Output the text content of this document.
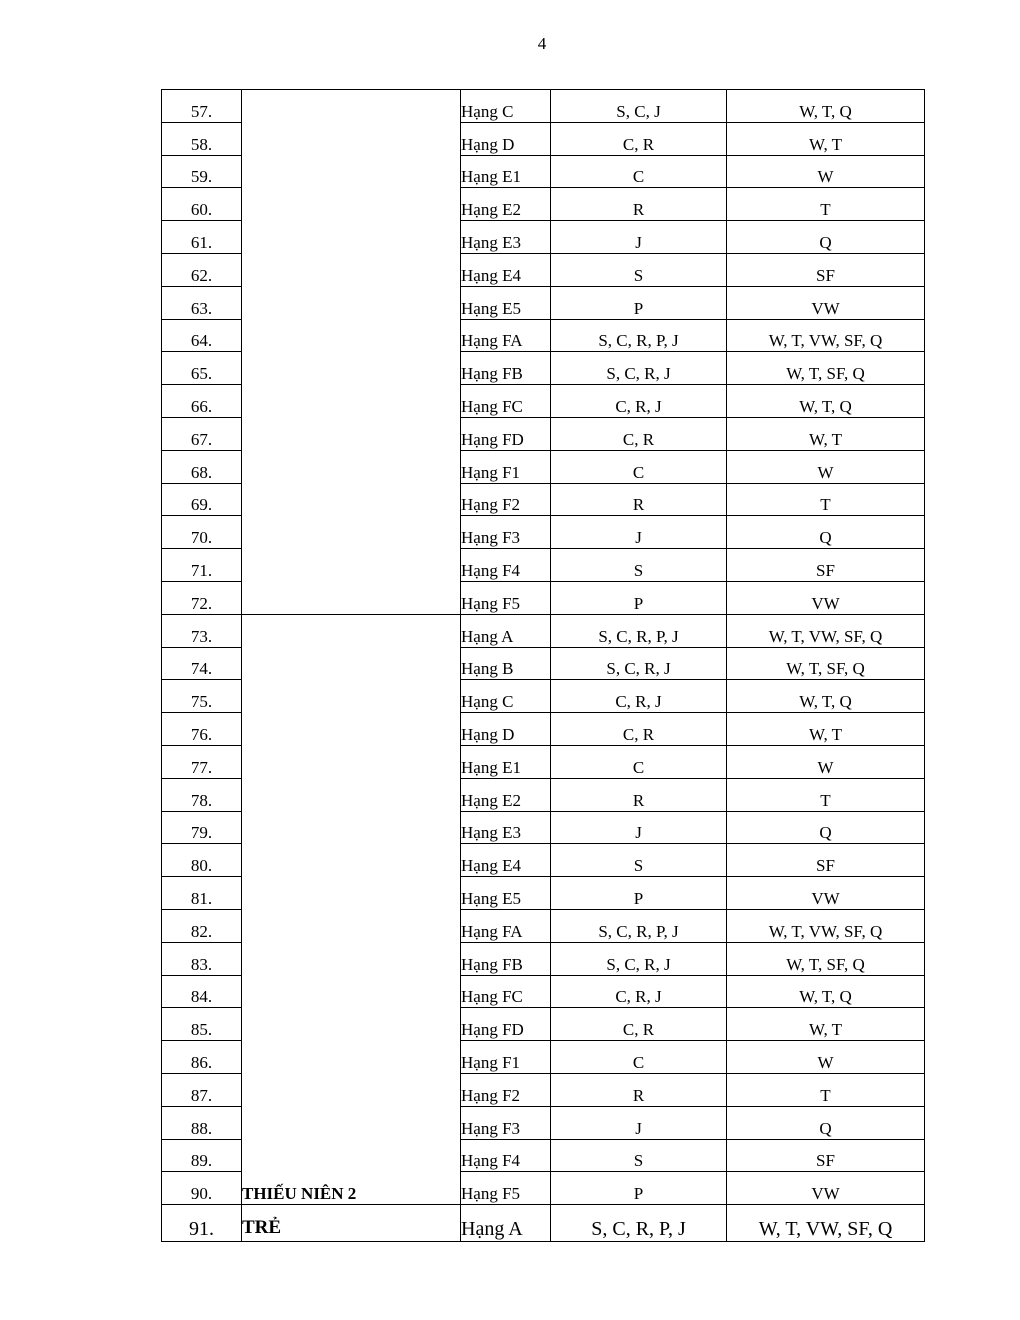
4
57.		Hạng C	S, C, J	W, T, Q
58.		Hạng D	C, R	W, T
59.		Hạng E1	C	W
60.		Hạng E2	R	T
61.		Hạng E3	J	Q
62.		Hạng E4	S	SF
63.		Hạng E5	P	VW
64.		Hạng FA	S, C, R, P, J	W, T, VW, SF, Q
65.		Hạng FB	S, C, R, J	W, T, SF, Q
66.		Hạng FC	C, R, J	W, T, Q
67.		Hạng FD	C, R	W, T
68.		Hạng F1	C	W
69.		Hạng F2	R	T
70.		Hạng F3	J	Q
71.		Hạng F4	S	SF
72.		Hạng F5	P	VW
73.	THIẾU NIÊN 2	Hạng A	S, C, R, P, J	W, T, VW, SF, Q
74.		Hạng B	S, C, R, J	W, T, SF, Q
75.		Hạng C	C, R, J	W, T, Q
76.		Hạng D	C, R	W, T
77.		Hạng E1	C	W
78.		Hạng E2	R	T
79.		Hạng E3	J	Q
80.		Hạng E4	S	SF
81.		Hạng E5	P	VW
82.		Hạng FA	S, C, R, P, J	W, T, VW, SF, Q
83.		Hạng FB	S, C, R, J	W, T, SF, Q
84.		Hạng FC	C, R, J	W, T, Q
85.		Hạng FD	C, R	W, T
86.		Hạng F1	C	W
87.		Hạng F2	R	T
88.		Hạng F3	J	Q
89.		Hạng F4	S	SF
90.		Hạng F5	P	VW
91.	TRẺ	Hạng A	S, C, R, P, J	W, T, VW, SF, Q
